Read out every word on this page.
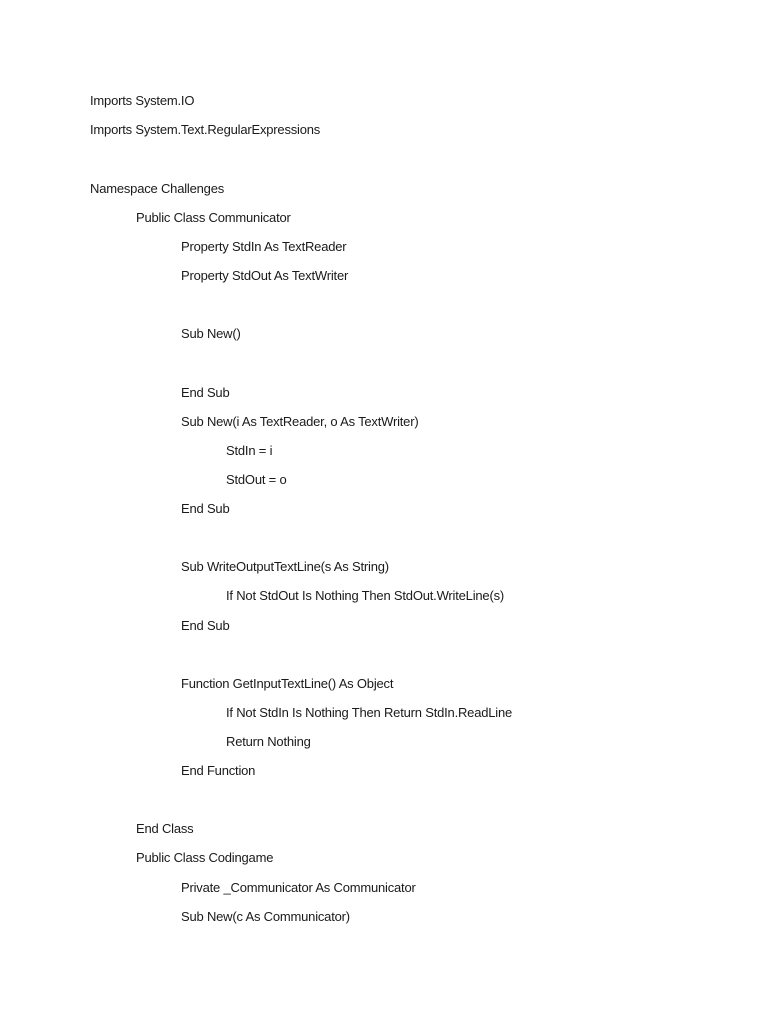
Imports System.IO
Imports System.Text.RegularExpressions
Namespace Challenges
Public Class Communicator
Property StdIn As TextReader
Property StdOut As TextWriter
Sub New()
End Sub
Sub New(i As TextReader, o As TextWriter)
StdIn = i
StdOut = o
End Sub
Sub WriteOutputTextLine(s As String)
If Not StdOut Is Nothing Then StdOut.WriteLine(s)
End Sub
Function GetInputTextLine() As Object
If Not StdIn Is Nothing Then Return StdIn.ReadLine
Return Nothing
End Function
End Class
Public Class Codingame
Private _Communicator As Communicator
Sub New(c As Communicator)
